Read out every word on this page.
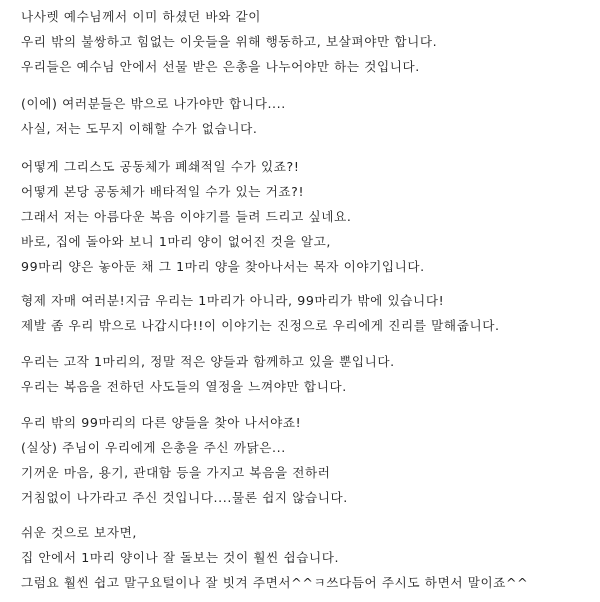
나사렛 예수님께서 이미 하셨던 바와 같이
우리 밖의 불쌍하고 힘없는 이웃들을 위해 행동하고, 보살펴야만 합니다.
우리들은 예수님 안에서 선물 받은 은총을 나누어야만 하는 것입니다.
(이에) 여러분들은 밖으로 나가야만 합니다....
사실, 저는 도무지 이해할 수가 없습니다.
어떻게 그리스도 공동체가 폐쇄적일 수가 있죠?!
어떻게 본당 공동체가 배타적일 수가 있는 거죠?!
그래서 저는 아름다운 복음 이야기를 들려 드리고 싶네요.
바로, 집에 돌아와 보니 1마리 양이 없어진 것을 알고,
99마리 양은 놓아둔 채 그 1마리 양을 찾아나서는 목자 이야기입니다.
형제 자매 여러분!지금 우리는 1마리가 아니라, 99마리가 밖에 있습니다!
제발 좀 우리 밖으로 나갑시다!!이 이야기는 진정으로 우리에게 진리를 말해줍니다.
우리는 고작 1마리의, 정말 적은 양들과 함께하고 있을 뿐입니다.
우리는 복음을 전하던 사도들의 열정을 느껴야만 합니다.
우리 밖의 99마리의 다른 양들을 찾아 나서야죠!
(실상) 주님이 우리에게 은총을 주신 까닭은...
기꺼운 마음, 용기, 관대함 등을 가지고 복음을 전하러
거침없이 나가라고 주신 것입니다....물론 쉽지 않습니다.
쉬운 것으로 보자면,
집 안에서 1마리 양이나 잘 돌보는 것이 훨씬 쉽습니다.
그럼요 훨씬 쉽고 말구요털이나 잘 빗겨 주면서^^ㅋ쓰다듬어 주시도 하면서 말이죠^^
